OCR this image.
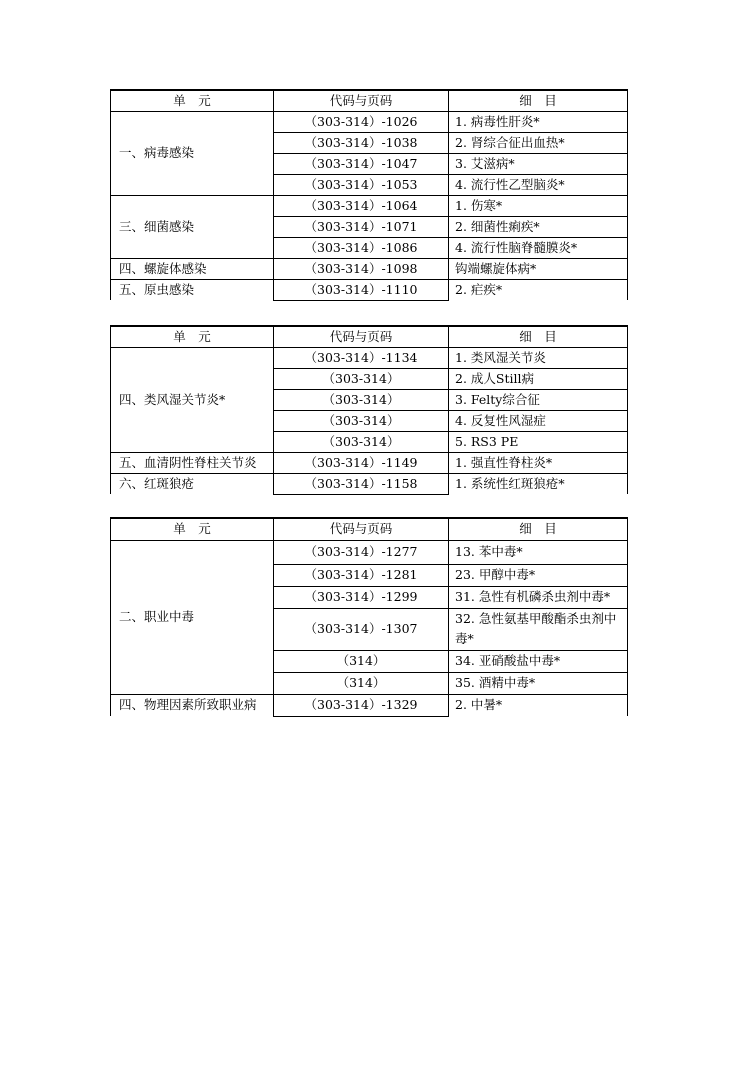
单　元	代码与页码	细　目
一、病毒感染	（303-314）-1026	1. 病毒性肝炎*
	（303-314）-1038	2. 肾综合征出血热*
	（303-314）-1047	3. 艾滋病*
	（303-314）-1053	4. 流行性乙型脑炎*
三、细菌感染	（303-314）-1064	1. 伤寒*
	（303-314）-1071	2. 细菌性痢疾*
	（303-314）-1086	4. 流行性脑脊髓膜炎*
四、螺旋体感染	（303-314）-1098	钩端螺旋体病*
五、原虫感染	（303-314）-1110	2. 疟疾*
单　元	代码与页码	细　目
四、类风湿关节炎*	（303-314）-1134	1. 类风湿关节炎
	（303-314）	2. 成人Still病
	（303-314）	3. Felty综合征
	（303-314）	4. 反复性风湿症
	（303-314）	5. RS3 PE
五、血清阴性脊柱关节炎	（303-314）-1149	1. 强直性脊柱炎*
六、红斑狼疮	（303-314）-1158	1. 系统性红斑狼疮*
单　元	代码与页码	细　目
二、职业中毒	（303-314）-1277	13. 苯中毒*
	（303-314）-1281	23. 甲醇中毒*
	（303-314）-1299	31. 急性有机磷杀虫剂中毒*
	（303-314）-1307	32. 急性氨基甲酸酯杀虫剂中毒*
	（314）	34. 亚硝酸盐中毒*
	（314）	35. 酒精中毒*
四、物理因素所致职业病	（303-314）-1329	2. 中暑*
